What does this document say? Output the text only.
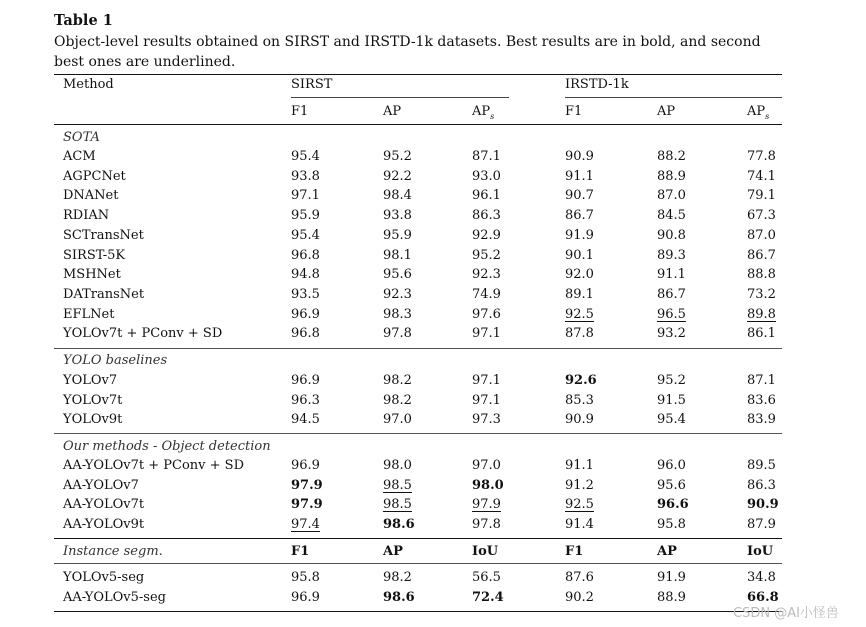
Table 1
Object-level results obtained on SIRST and IRSTD-1k datasets. Best results are in bold, and second best ones are underlined.
Method	SIRST	IRSTD-1k
F1	AP	$AP_s$	F1	AP	$AP_s$
SOTA
ACM	95.4	95.2	87.1	90.9	88.2	77.8
AGPCNet	93.8	92.2	93.0	91.1	88.9	74.1
DNANet	97.1	98.4	96.1	90.7	87.0	79.1
RDIAN	95.9	93.8	86.3	86.7	84.5	67.3
SCTransNet	95.4	95.9	92.9	91.9	90.8	87.0
SIRST-5K	96.8	98.1	95.2	90.1	89.3	86.7
MSHNet	94.8	95.6	92.3	92.0	91.1	88.8
DATransNet	93.5	92.3	74.9	89.1	86.7	73.2
EFLNet	96.9	98.3	97.6	92.5	96.5	89.8
YOLOv7t + PConv + SD	96.8	97.8	97.1	87.8	93.2	86.1
YOLO baselines
YOLOv7	96.9	98.2	97.1	92.6	95.2	87.1
YOLOv7t	96.3	98.2	97.1	85.3	91.5	83.6
YOLOv9t	94.5	97.0	97.3	90.9	95.4	83.9
Our methods - Object detection
AA-YOLOv7t + PConv + SD	96.9	98.0	97.0	91.1	96.0	89.5
AA-YOLOv7	97.9	98.5	98.0	91.2	95.6	86.3
AA-YOLOv7t	97.9	98.5	97.9	92.5	96.6	90.9
AA-YOLOv9t	97.4	98.6	97.8	91.4	95.8	87.9
Instance segm.	F1	AP	IoU	F1	AP	IoU
YOLOv5-seg	95.8	98.2	56.5	87.6	91.9	34.8
AA-YOLOv5-seg	96.9	98.6	72.4	90.2	88.9	66.8
CSDN @AI小怪兽
